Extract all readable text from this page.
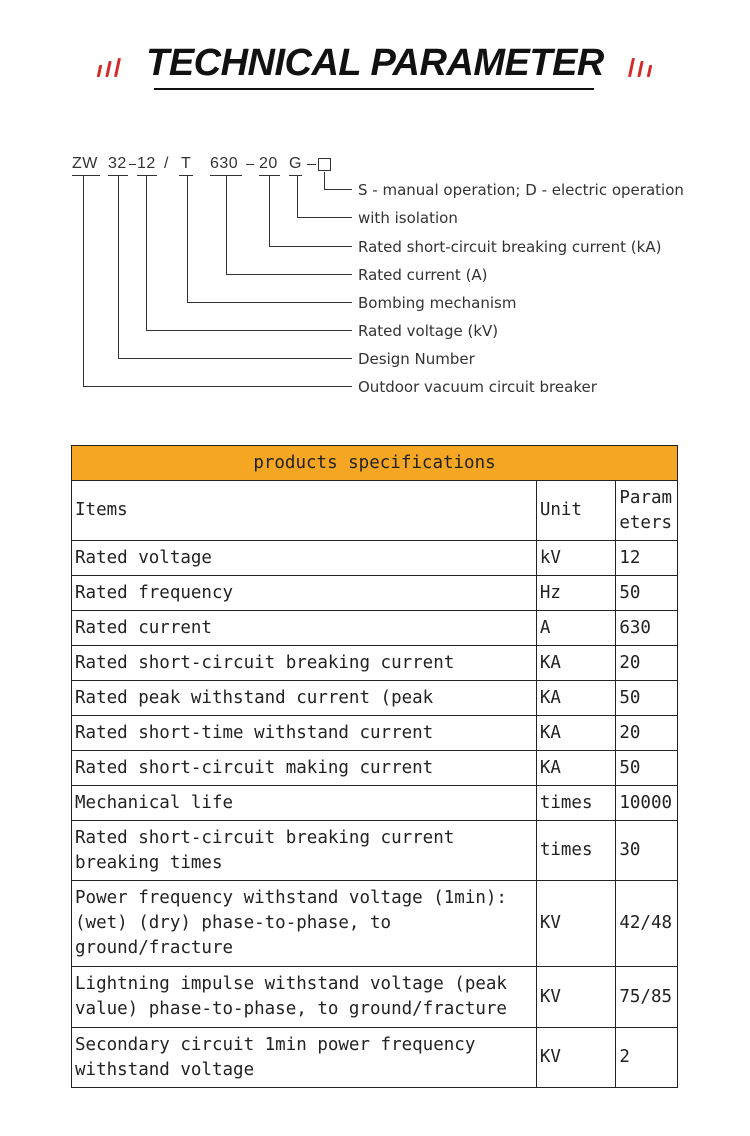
TECHNICAL PARAMETER
ZW 32 12 / T 630 20 G
S - manual operation; D - electric operation
with isolation
Rated short-circuit breaking current (kA)
Rated current (A)
Bombing mechanism
Rated voltage (kV)
Design Number
Outdoor vacuum circuit breaker
products specifications		
Items	Unit	Parameters
Rated voltage	kV	12
Rated frequency	Hz	50
Rated current	A	630
Rated short-circuit breaking current	KA	20
Rated peak withstand current (peak	KA	50
Rated short-time withstand current	KA	20
Rated short-circuit making current	KA	50
Mechanical life	times	10000
Rated short-circuit breaking current breaking times	times	30
Power frequency withstand voltage (1min): (wet) (dry) phase-to-phase, to ground/fracture	KV	42/48
Lightning impulse withstand voltage (peak value) phase-to-phase, to ground/fracture	KV	75/85
Secondary circuit 1min power frequency withstand voltage	KV	2
